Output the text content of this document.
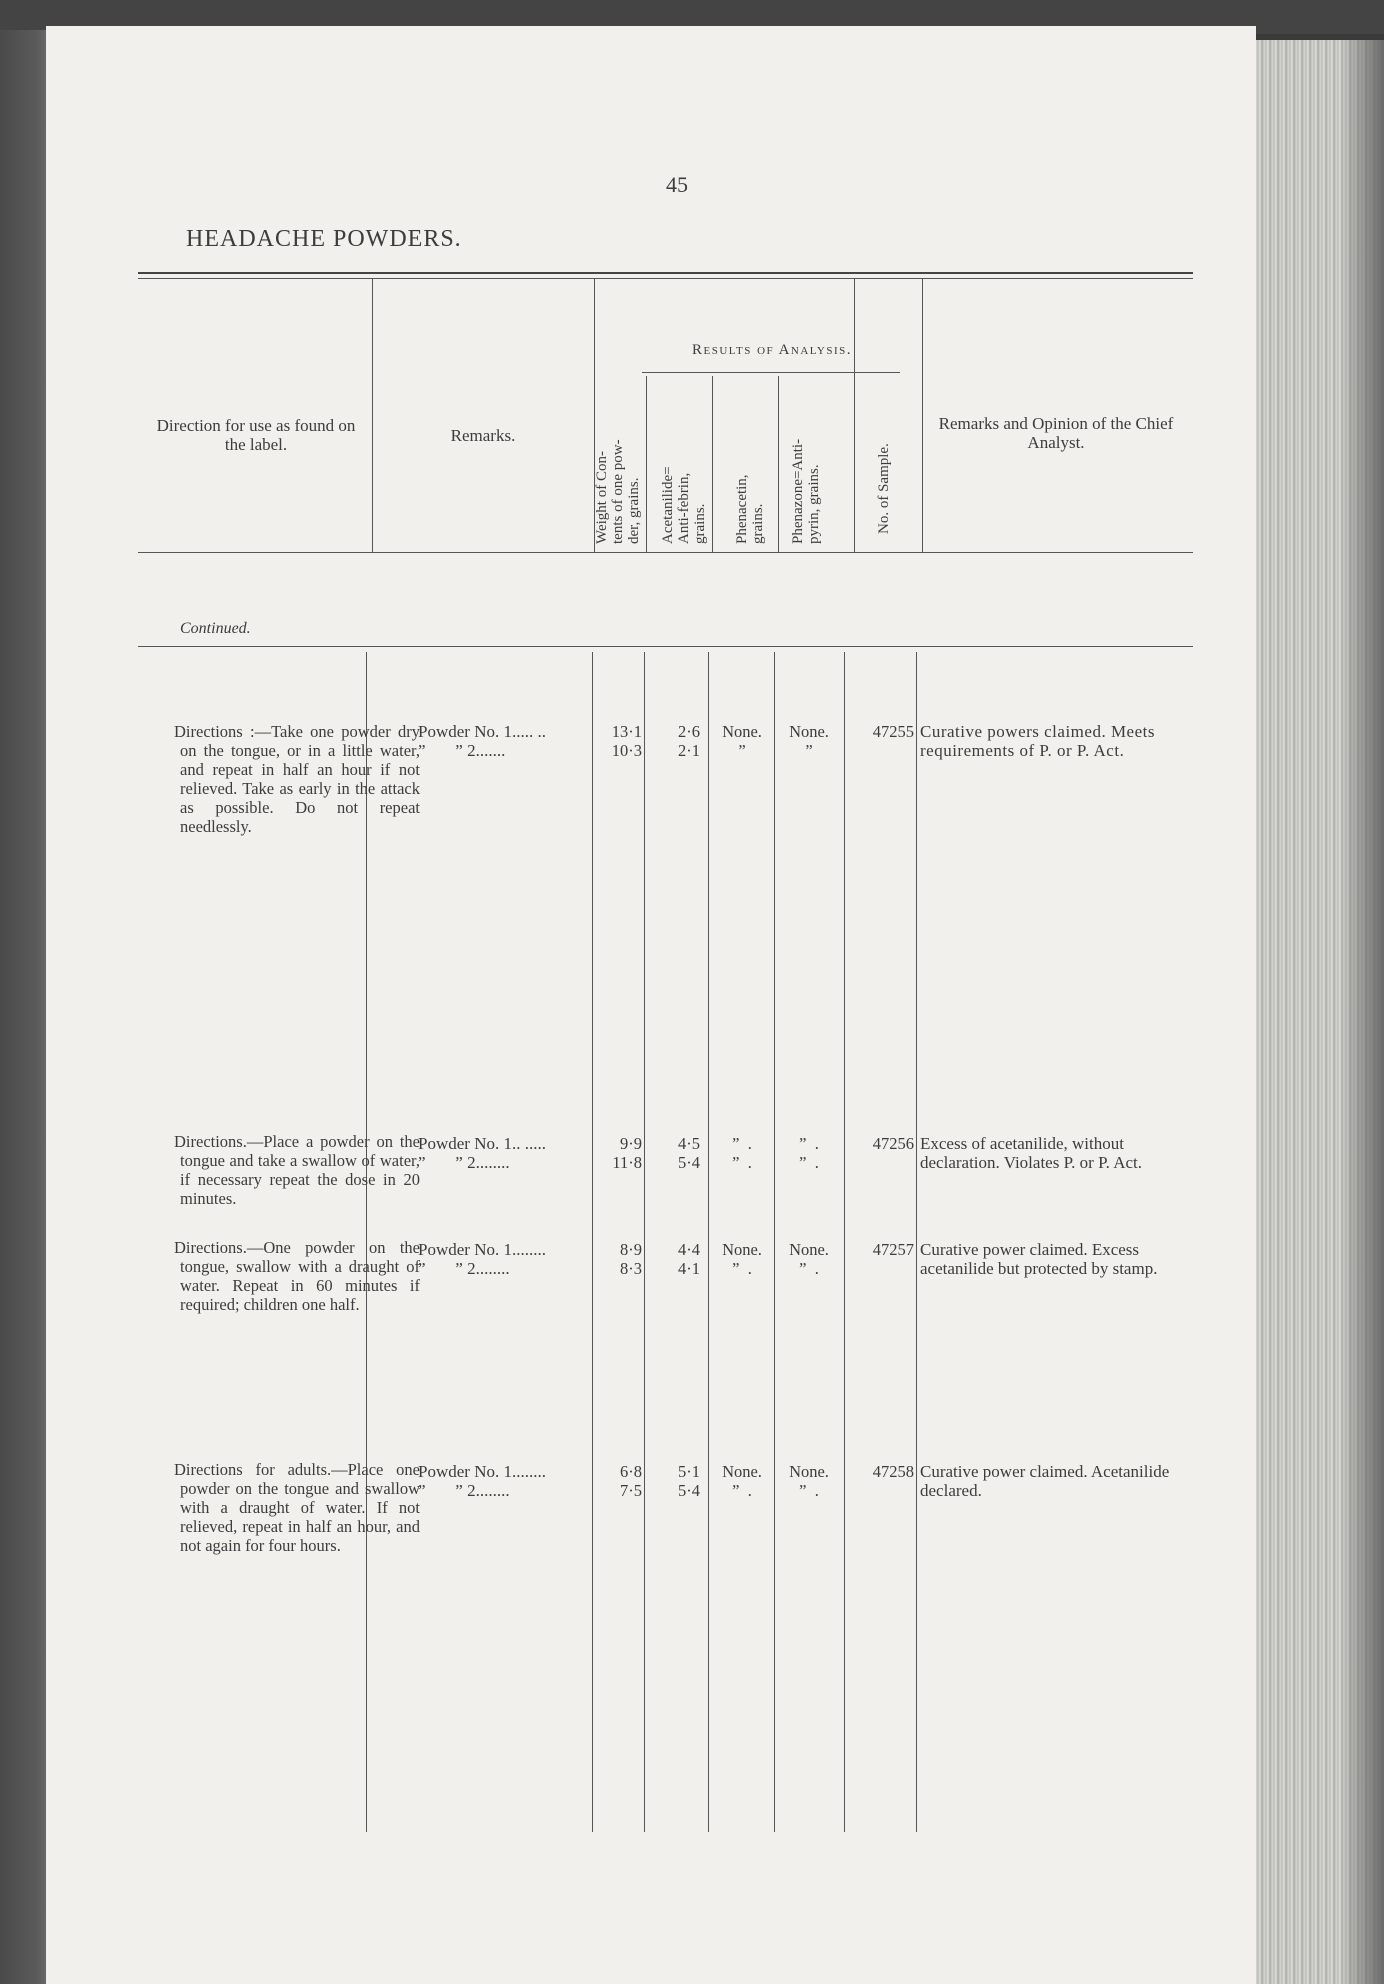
45
HEADACHE POWDERS.
Direction for use as found on the label.	Remarks.
Results of Analysis.
Weight of Con-
tents of one pow-
der, grains. Acetanilide=
Anti-febrin,
grains. Phenacetin,
grains. Phenazone=Anti-
pyrin, grains.	No. of Sample.
Remarks and Opinion of the Chief Analyst.
Continued.
Directions :—Take one powder dry on the tongue, or in a little water, and repeat in half an hour if not relieved. Take as early in the attack as possible. Do not repeat needlessly.
Powder No. 1..... ..
”       ” 2.......
13·1
10·3
2·6
2·1
None.
”
None.
”
47255 Curative powers claimed. Meets requirements of P. or P. Act.
Directions.—Place a powder on the tongue and take a swallow of water, if necessary repeat the dose in 20 minutes.
Powder No. 1.. .....
”       ” 2........
9·9
11·8
4·5
5·4
”  .
”  .
”  .
”  .
47256 Excess of acetanilide, without declaration. Violates P. or P. Act.
Directions.—One powder on the tongue, swallow with a draught of water. Repeat in 60 minutes if required; children one half.
Powder No. 1........
”       ” 2........
8·9
8·3
4·4
4·1
None.
”  .
None.
”  .
47257 Curative power claimed. Excess acetanilide but protected by stamp.
Directions for adults.—Place one powder on the tongue and swallow with a draught of water. If not relieved, repeat in half an hour, and not again for four hours.
Powder No. 1........
”       ” 2........
6·8
7·5
5·1
5·4
None.
”  .
None.
”  .
47258 Curative power claimed. Acetanilide declared.
